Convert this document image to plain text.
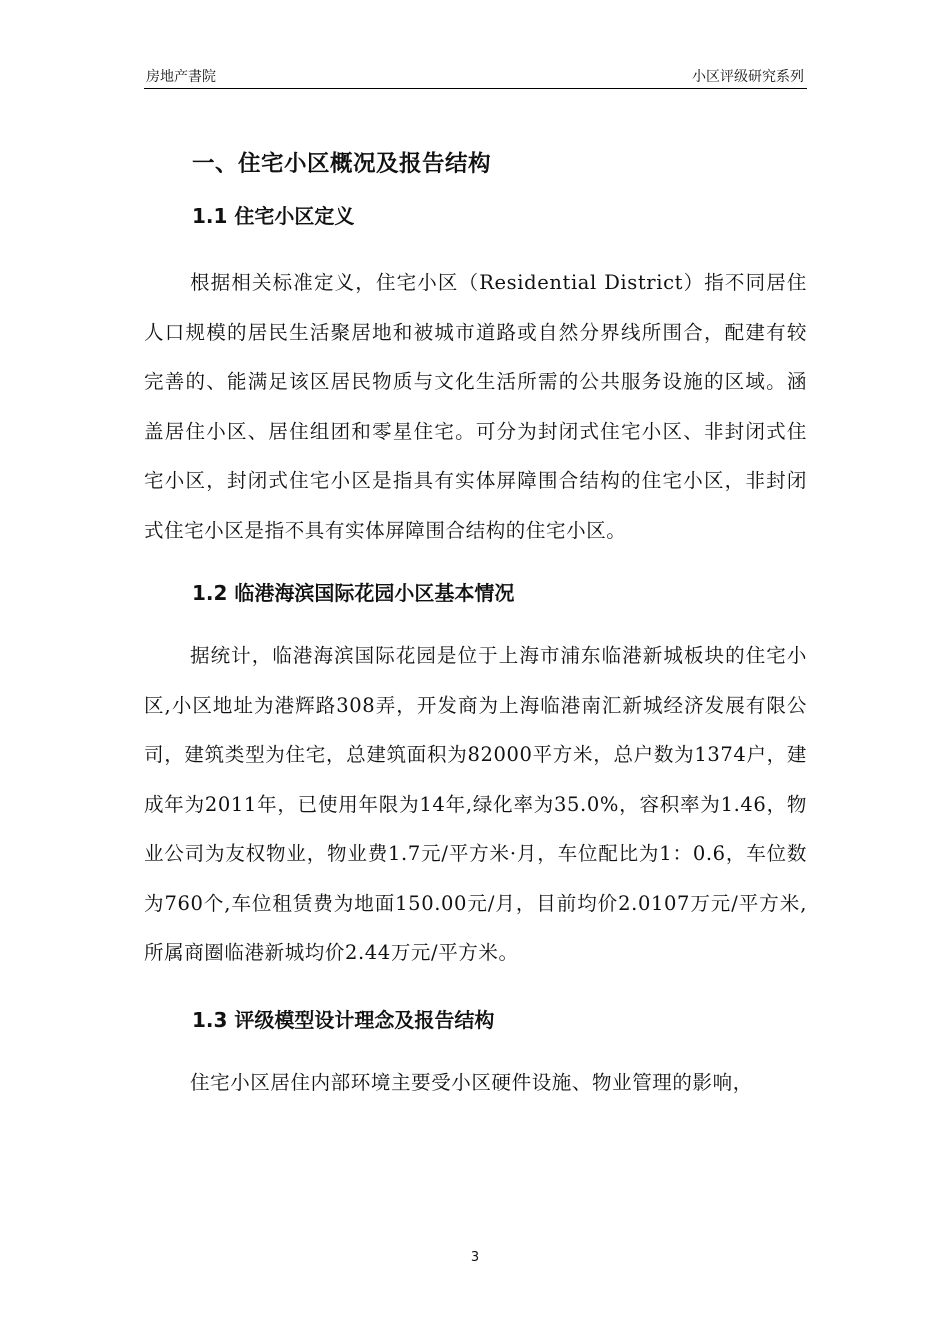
房地产書院	小区评级研究系列
一、住宅小区概况及报告结构
1.1 住宅小区定义

根据相关标准定义，住宅小区（Residential District）指不同居住人口规模的居民生活聚居地和被城市道路或自然分界线所围合，配建有较完善的、能满足该区居民物质与文化生活所需的公共服务设施的区域。涵盖居住小区、居住组团和零星住宅。可分为封闭式住宅小区、非封闭式住宅小区，封闭式住宅小区是指具有实体屏障围合结构的住宅小区，非封闭式住宅小区是指不具有实体屏障围合结构的住宅小区。

1.2 临港海滨国际花园小区基本情况

据统计，临港海滨国际花园是位于上海市浦东临港新城板块的住宅小区,小区地址为港辉路308弄，开发商为上海临港南汇新城经济发展有限公司，建筑类型为住宅，总建筑面积为82000平方米，总户数为1374户，建成年为2011年，已使用年限为14年,绿化率为35.0%，容积率为1.46，物业公司为友权物业，物业费1.7元/平方米·月，车位配比为1：0.6，车位数为760个,车位租赁费为地面150.00元/月，目前均价2.0107万元/平方米,所属商圈临港新城均价2.44万元/平方米。

1.3 评级模型设计理念及报告结构

住宅小区居住内部环境主要受小区硬件设施、物业管理的影响，

3
